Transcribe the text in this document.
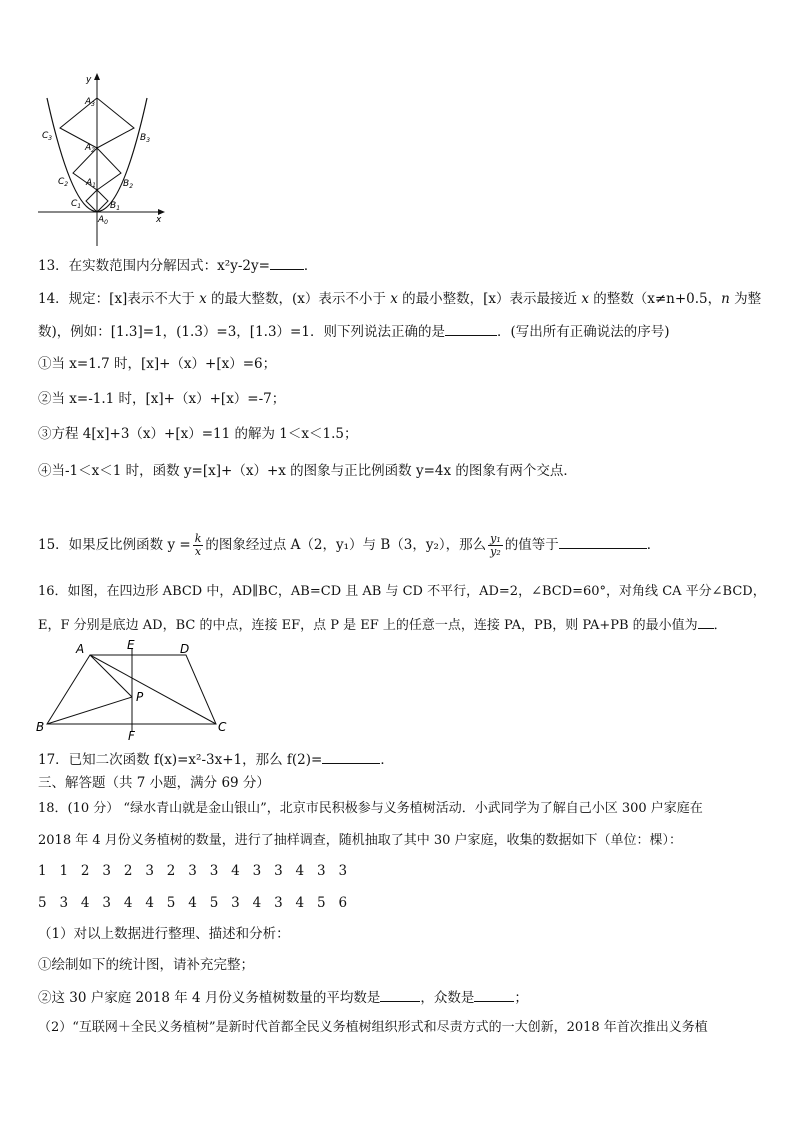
y
x
$A_3$
$A_2$
$A_1$
$A_0$
$B_3$
$B_2$
$B_1$
$C_3$
$C_2$
$C_1$
13．在实数范围内分解因式：x²y-2y=	．
14．规定：[x]表示不大于 x 的最大整数，(x）表示不小于 x 的最小整数，[x）表示最接近 x 的整数（x≠n+0.5，n 为整
数)，例如：[1.3]=1，(1.3）=3，[1.3）=1．则下列说法正确的是	．(写出所有正确说法的序号)
①当 x=1.7 时，[x]+（x）+[x）=6；
②当 x=-1.1 时，[x]+（x）+[x）=-7；
③方程 4[x]+3（x）+[x）=11 的解为 1＜x＜1.5；
④当-1＜x＜1 时，函数 y=[x]+（x）+x 的图象与正比例函数 y=4x 的图象有两个交点．
15．如果反比例函数 $y = \frac{k}{x}$ 的图象经过点 A（2，y₁）与 B（3，y₂），那么 $\frac{\text{y₁}}{\text{y₂}}$ 的值等于	．
16．如图，在四边形 ABCD 中，AD∥BC，AB=CD 且 AB 与 CD 不平行，AD=2，∠BCD=60°，对角线 CA 平分∠BCD，
E，F 分别是底边 AD，BC 的中点，连接 EF，点 P 是 EF 上的任意一点，连接 PA，PB，则 PA+PB 的最小值为 ．
A	E	D
P
B	C
F
17．已知二次函数 f(x)=x²-3x+1，那么 f(2)=	．
三、解答题（共 7 小题，满分 69 分）
18．(10 分） “绿水青山就是金山银山”，北京市民积极参与义务植树活动．小武同学为了解自己小区 300 户家庭在
2018 年 4 月份义务植树的数量，进行了抽样调查，随机抽取了其中 30 户家庭，收集的数据如下（单位：棵）：
1   1   2   3   2   3   2   3   3   4   3   3   4   3   3
5   3   4   3   4   4   5   4   5   3   4   3   4   5   6
（1）对以上数据进行整理、描述和分析：
①绘制如下的统计图，请补充完整；
②这 30 户家庭 2018 年 4 月份义务植树数量的平均数是	，众数是	；
（2）“互联网＋全民义务植树”是新时代首都全民义务植树组织形式和尽责方式的一大创新，2018 年首次推出义务植
